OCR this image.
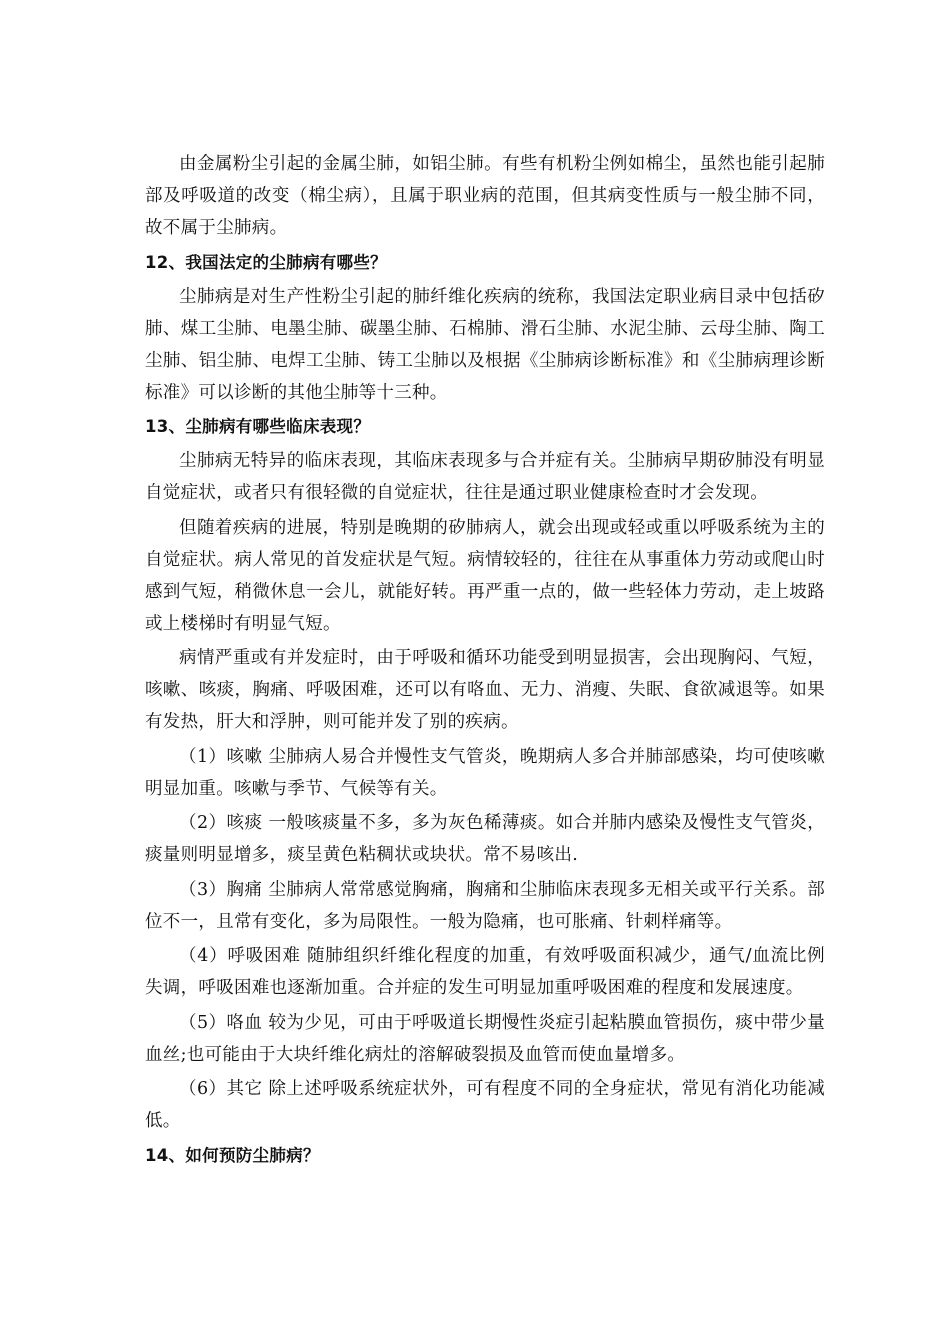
由金属粉尘引起的金属尘肺，如铝尘肺。有些有机粉尘例如棉尘，虽然也能引起肺部及呼吸道的改变（棉尘病），且属于职业病的范围，但其病变性质与一般尘肺不同，故不属于尘肺病。

12、我国法定的尘肺病有哪些？

尘肺病是对生产性粉尘引起的肺纤维化疾病的统称，我国法定职业病目录中包括矽肺、煤工尘肺、电墨尘肺、碳墨尘肺、石棉肺、滑石尘肺、水泥尘肺、云母尘肺、陶工尘肺、铝尘肺、电焊工尘肺、铸工尘肺以及根据《尘肺病诊断标准》和《尘肺病理诊断标准》可以诊断的其他尘肺等十三种。

13、尘肺病有哪些临床表现？

尘肺病无特异的临床表现，其临床表现多与合并症有关。尘肺病早期矽肺没有明显自觉症状，或者只有很轻微的自觉症状，往往是通过职业健康检查时才会发现。

但随着疾病的进展，特别是晚期的矽肺病人，就会出现或轻或重以呼吸系统为主的自觉症状。病人常见的首发症状是气短。病情较轻的，往往在从事重体力劳动或爬山时感到气短，稍微休息一会儿，就能好转。再严重一点的，做一些轻体力劳动，走上坡路或上楼梯时有明显气短。

病情严重或有并发症时，由于呼吸和循环功能受到明显损害，会出现胸闷、气短，咳嗽、咳痰，胸痛、呼吸困难，还可以有咯血、无力、消瘦、失眠、食欲减退等。如果有发热，肝大和浮肿，则可能并发了别的疾病。

（1）咳嗽 尘肺病人易合并慢性支气管炎，晚期病人多合并肺部感染，均可使咳嗽明显加重。咳嗽与季节、气候等有关。

（2）咳痰 一般咳痰量不多，多为灰色稀薄痰。如合并肺内感染及慢性支气管炎，痰量则明显增多，痰呈黄色粘稠状或块状。常不易咳出.

（3）胸痛 尘肺病人常常感觉胸痛，胸痛和尘肺临床表现多无相关或平行关系。部位不一，且常有变化，多为局限性。一般为隐痛，也可胀痛、针刺样痛等。

（4）呼吸困难 随肺组织纤维化程度的加重，有效呼吸面积减少，通气/血流比例失调，呼吸困难也逐渐加重。合并症的发生可明显加重呼吸困难的程度和发展速度。

（5）咯血 较为少见，可由于呼吸道长期慢性炎症引起粘膜血管损伤，痰中带少量血丝;也可能由于大块纤维化病灶的溶解破裂损及血管而使血量增多。

（6）其它 除上述呼吸系统症状外，可有程度不同的全身症状，常见有消化功能减低。

14、如何预防尘肺病？
